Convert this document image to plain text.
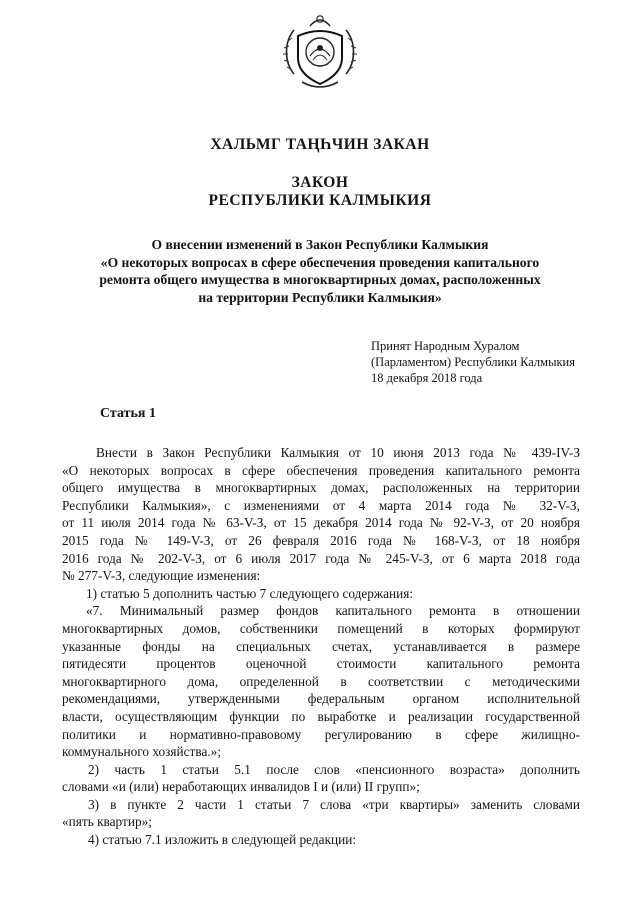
ХАЛЬМГ ТАҢҺЧИН ЗАКАН
ЗАКОН
РЕСПУБЛИКИ КАЛМЫКИЯ
О внесении изменений в Закон Республики Калмыкия
«О некоторых вопросах в сфере обеспечения проведения капитального
ремонта общего имущества в многоквартирных домах, расположенных
на территории Республики Калмыкия»
Принят Народным Хуралом
(Парламентом) Республики Калмыкия
18 декабря 2018 года
Статья 1
Внести в Закон Республики Калмыкия от 10 июня 2013 года № 439-IV-З
«О некоторых вопросах в сфере обеспечения проведения капитального ремонта
общего имущества в многоквартирных домах, расположенных на территории
Республики Калмыкия», с изменениями от 4 марта 2014 года № 32-V-З,
от 11 июля 2014 года № 63-V-З, от 15 декабря 2014 года № 92-V-З, от 20 ноября
2015 года № 149-V-З, от 26 февраля 2016 года № 168-V-З, от 18 ноября
2016 года № 202-V-З, от 6 июля 2017 года № 245-V-З, от 6 марта 2018 года
№ 277-V-З, следующие изменения:
1) статью 5 дополнить частью 7 следующего содержания:
«7. Минимальный размер фондов капитального ремонта в отношении
многоквартирных домов, собственники помещений в которых формируют
указанные фонды на специальных счетах, устанавливается в размере
пятидесяти процентов оценочной стоимости капитального ремонта
многоквартирного дома, определенной в соответствии с методическими
рекомендациями, утвержденными федеральным органом исполнительной
власти, осуществляющим функции по выработке и реализации государственной
политики и нормативно-правовому регулированию в сфере жилищно-
коммунального хозяйства.»;
2) часть 1 статьи 5.1 после слов «пенсионного возраста» дополнить
словами «и (или) неработающих инвалидов I и (или) II групп»;
3) в пункте 2 части 1 статьи 7 слова «три квартиры» заменить словами
«пять квартир»;
4) статью 7.1 изложить в следующей редакции:
